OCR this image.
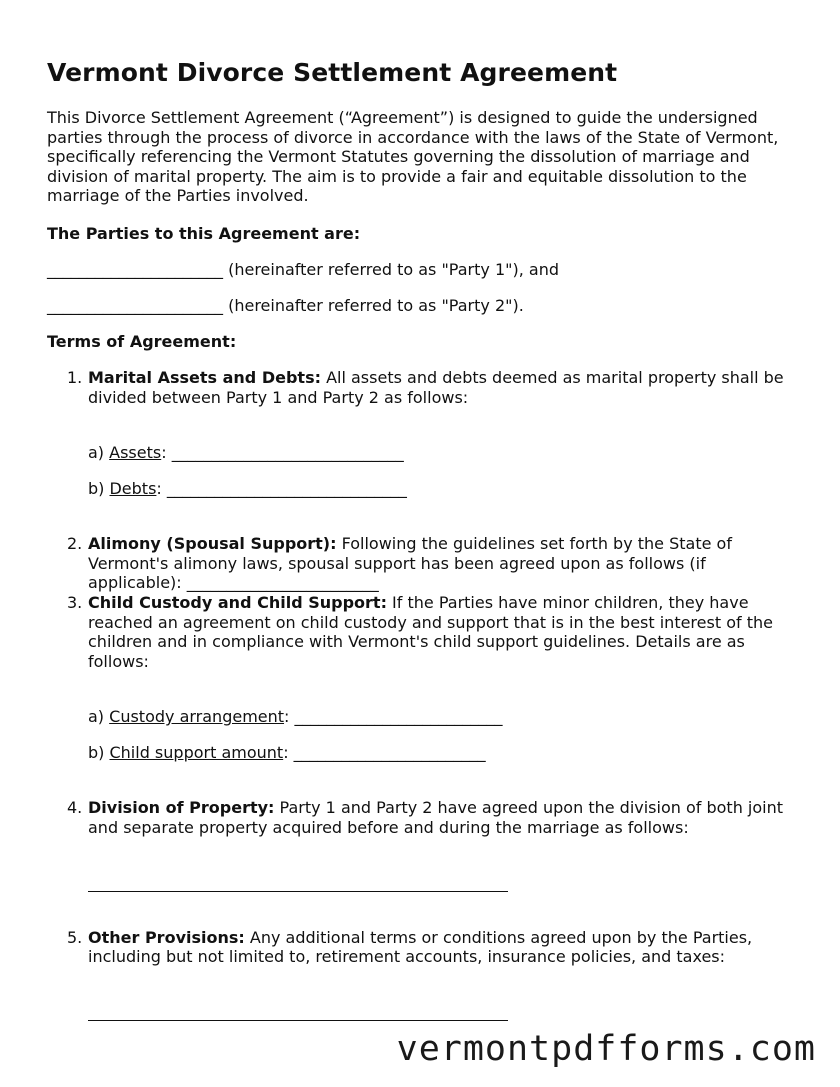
Vermont Divorce Settlement Agreement

This Divorce Settlement Agreement (“Agreement”) is designed to guide the undersigned parties through the process of divorce in accordance with the laws of the State of Vermont, specifically referencing the Vermont Statutes governing the dissolution of marriage and division of marital property. The aim is to provide a fair and equitable dissolution to the marriage of the Parties involved.

The Parties to this Agreement are:
______________________ (hereinafter referred to as "Party 1"), and
______________________ (hereinafter referred to as "Party 2").
Terms of Agreement:
1. Marital Assets and Debts: All assets and debts deemed as marital property shall be divided between Party 1 and Party 2 as follows:
a) Assets: _____________________________
b) Debts: ______________________________
2. Alimony (Spousal Support): Following the guidelines set forth by the State of Vermont's alimony laws, spousal support has been agreed upon as follows (if applicable): ________________________
3. Child Custody and Child Support: If the Parties have minor children, they have reached an agreement on child custody and support that is in the best interest of the children and in compliance with Vermont's child support guidelines. Details are as follows:
a) Custody arrangement: __________________________
b) Child support amount: ________________________
4. Division of Property: Party 1 and Party 2 have agreed upon the division of both joint and separate property acquired before and during the marriage as follows:
5. Other Provisions: Any additional terms or conditions agreed upon by the Parties, including but not limited to, retirement accounts, insurance policies, and taxes:
vermontpdfforms.com
